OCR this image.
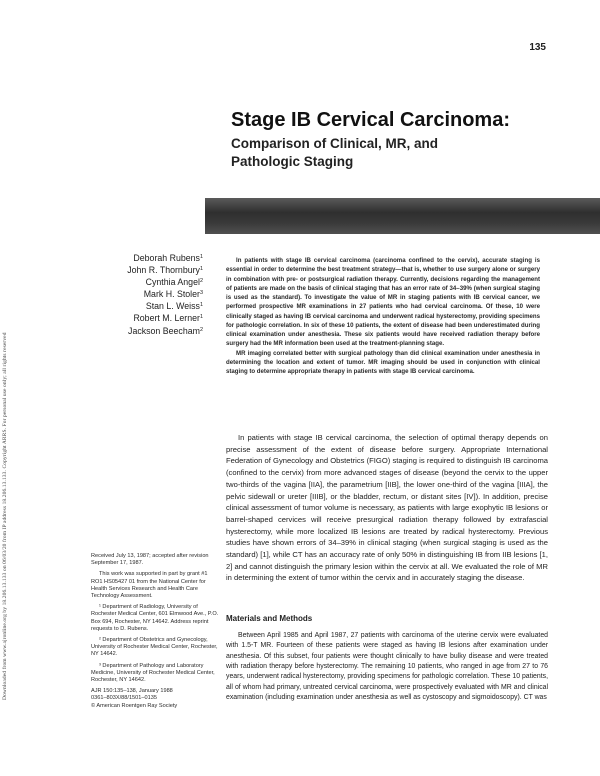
Downloaded from www.ajronline.org by 18.206.13.133 on 06/03/20 from IP address 18.206.13.133. Copyright ARRS. For personal use only; all rights reserved
135
Stage IB Cervical Carcinoma:
Comparison of Clinical, MR, and Pathologic Staging
Deborah Rubens$^1$
John R. Thornbury$^1$
Cynthia Angel$^2$
Mark H. Stoler$^3$
Stan L. Weiss$^1$
Robert M. Lerner$^1$
Jackson Beecham$^2$

In patients with stage IB cervical carcinoma (carcinoma confined to the cervix), accurate staging is essential in order to determine the best treatment strategy—that is, whether to use surgery alone or surgery in combination with pre- or postsurgical radiation therapy. Currently, decisions regarding the management of patients are made on the basis of clinical staging that has an error rate of 34–39% (when surgical staging is used as the standard). To investigate the value of MR in staging patients with IB cervical cancer, we performed prospective MR examinations in 27 patients who had cervical carcinoma. Of these, 10 were clinically staged as having IB cervical carcinoma and underwent radical hysterectomy, providing specimens for pathologic correlation. In six of these 10 patients, the extent of disease had been underestimated during clinical examination under anesthesia. These six patients would have received radiation therapy before surgery had the MR information been used at the treatment-planning stage.

MR imaging correlated better with surgical pathology than did clinical examination under anesthesia in determining the location and extent of tumor. MR imaging should be used in conjunction with clinical staging to determine appropriate therapy in patients with stage IB cervical carcinoma.

In patients with stage IB cervical carcinoma, the selection of optimal therapy depends on precise assessment of the extent of disease before surgery. Appropriate International Federation of Gynecology and Obstetrics (FIGO) staging is required to distinguish IB carcinoma (confined to the cervix) from more advanced stages of disease (beyond the cervix to the upper two-thirds of the vagina [IIA], the parametrium [IIB], the lower one-third of the vagina [IIIA], the pelvic sidewall or ureter [IIIB], or the bladder, rectum, or distant sites [IV]). In addition, precise clinical assessment of tumor volume is necessary, as patients with large exophytic IB lesions or barrel-shaped cervices will receive presurgical radiation therapy followed by extrafascial hysterectomy, while more localized IB lesions are treated by radical hysterectomy. Previous studies have shown errors of 34–39% in clinical staging (when surgical staging is used as the standard) [1], while CT has an accuracy rate of only 50% in distinguishing IB from IIB lesions [1, 2] and cannot distinguish the primary lesion within the cervix at all. We evaluated the role of MR in determining the extent of tumor within the cervix and in accurately staging the disease.

Materials and Methods

Between April 1985 and April 1987, 27 patients with carcinoma of the uterine cervix were evaluated with 1.5-T MR. Fourteen of these patients were staged as having IB lesions after examination under anesthesia. Of this subset, four patients were thought clinically to have bulky disease and were treated with radiation therapy before hysterectomy. The remaining 10 patients, who ranged in age from 27 to 76 years, underwent radical hysterectomy, providing specimens for pathologic correlation. These 10 patients, all of whom had primary, untreated cervical carcinoma, were prospectively evaluated with MR and clinical examination (including examination under anesthesia as well as cystoscopy and sigmoidoscopy). CT was

Received July 13, 1987; accepted after revision September 17, 1987.

This work was supported in part by grant #1 RO1 HS05427 01 from the National Center for Health Services Research and Health Care Technology Assessment.

¹ Department of Radiology, University of Rochester Medical Center, 601 Elmwood Ave., P.O. Box 694, Rochester, NY 14642. Address reprint requests to D. Rubens.

² Department of Obstetrics and Gynecology, University of Rochester Medical Center, Rochester, NY 14642.

³ Department of Pathology and Laboratory Medicine, University of Rochester Medical Center, Rochester, NY 14642.

AJR 150:135–138, January 1988

0361–803X/88/1501–0135

© American Roentgen Ray Society
